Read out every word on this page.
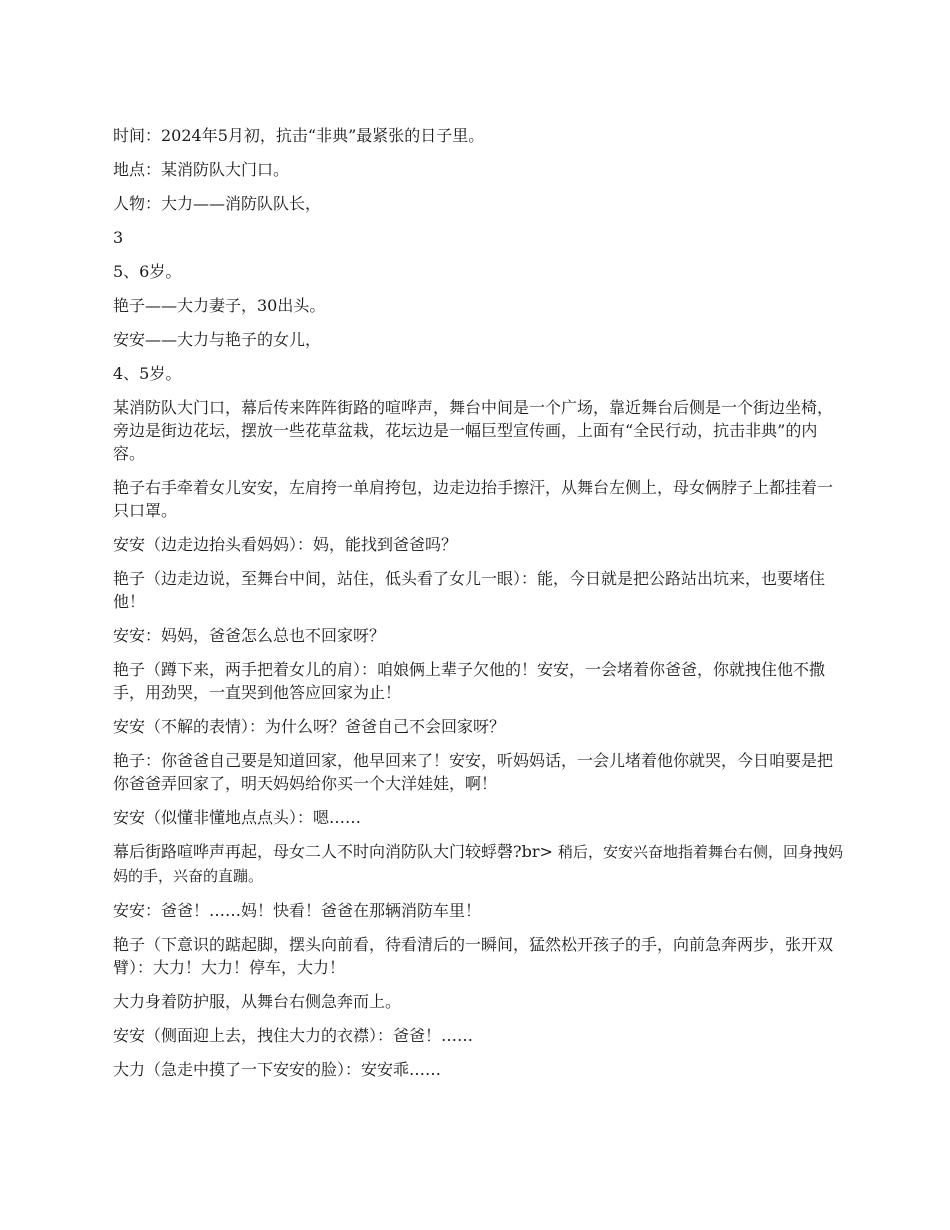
时间：2024年5月初，抗击“非典”最紧张的日子里。

地点：某消防队大门口。

人物：大力——消防队队长，

3

5、6岁。

艳子——大力妻子，30出头。

安安——大力与艳子的女儿，

4、5岁。

某消防队大门口，幕后传来阵阵街路的喧哗声，舞台中间是一个广场，靠近舞台后侧是一个街边坐椅，旁边是街边花坛，摆放一些花草盆栽，花坛边是一幅巨型宣传画，上面有“全民行动，抗击非典”的内容。

艳子右手牵着女儿安安，左肩挎一单肩挎包，边走边抬手擦汗，从舞台左侧上，母女俩脖子上都挂着一只口罩。

安安（边走边抬头看妈妈）：妈，能找到爸爸吗？

艳子（边走边说，至舞台中间，站住，低头看了女儿一眼）：能，今日就是把公路站出坑来，也要堵住他！

安安：妈妈，爸爸怎么总也不回家呀？

艳子（蹲下来，两手把着女儿的肩）：咱娘俩上辈子欠他的！安安，一会堵着你爸爸，你就拽住他不撒手，用劲哭，一直哭到他答应回家为止！

安安（不解的表情）：为什么呀？爸爸自己不会回家呀？

艳子：你爸爸自己要是知道回家，他早回来了！安安，听妈妈话，一会儿堵着他你就哭，今日咱要是把你爸爸弄回家了，明天妈妈给你买一个大洋娃娃，啊！

安安（似懂非懂地点点头）：嗯……

幕后街路喧哗声再起，母女二人不时向消防队大门较蜉磬?br> 稍后，安安兴奋地指着舞台右侧，回身拽妈妈的手，兴奋的直蹦。

安安：爸爸！……妈！快看！爸爸在那辆消防车里！

艳子（下意识的踮起脚，摆头向前看，待看清后的一瞬间，猛然松开孩子的手，向前急奔两步，张开双臂）：大力！大力！停车，大力！

大力身着防护服，从舞台右侧急奔而上。

安安（侧面迎上去，拽住大力的衣襟）：爸爸！……

大力（急走中摸了一下安安的脸）：安安乖……
